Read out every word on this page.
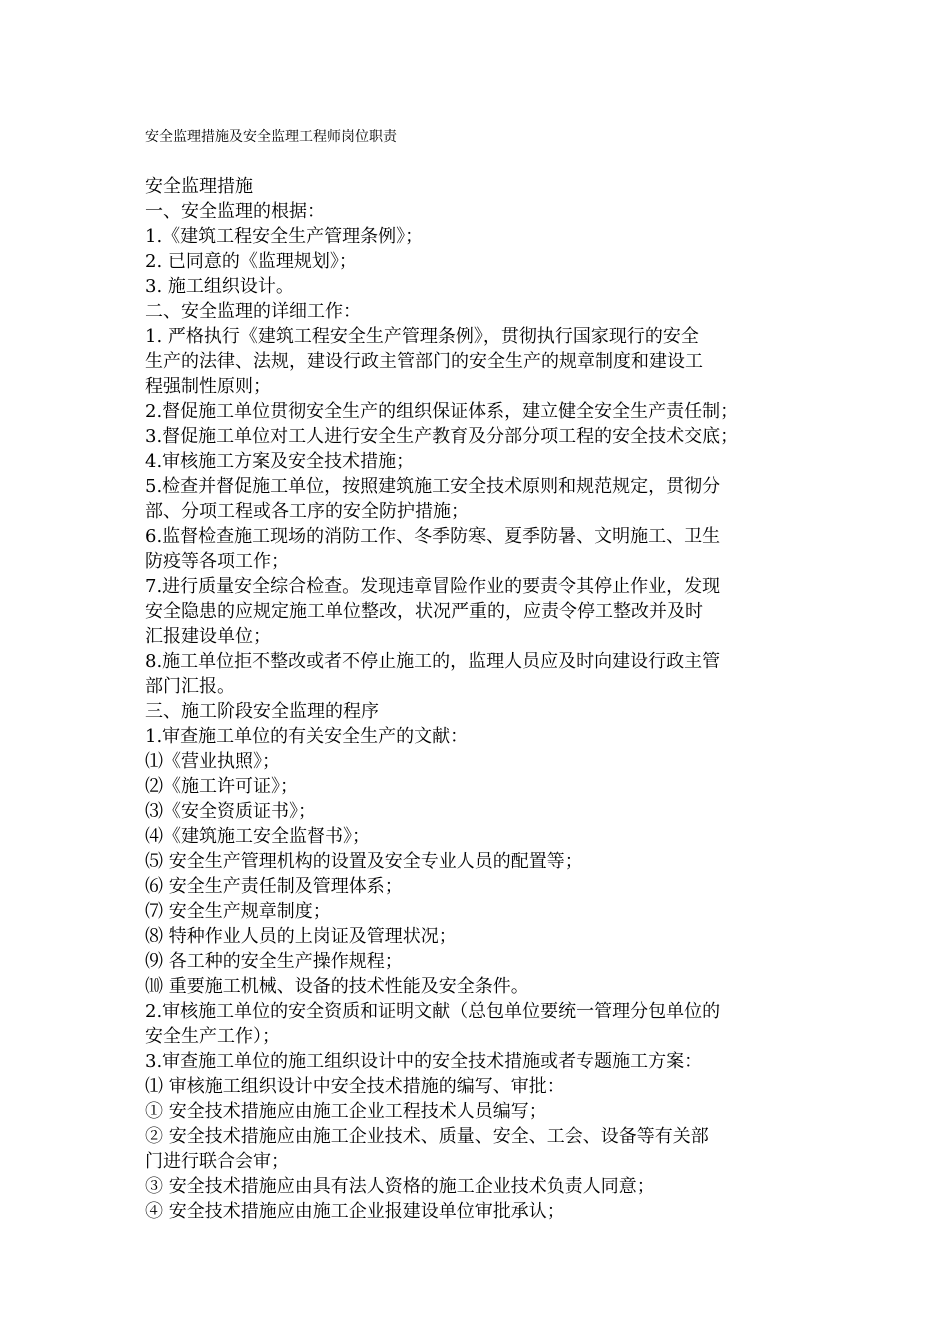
安全监理措施及安全监理工程师岗位职责
安全监理措施
一、安全监理的根据：
1.《建筑工程安全生产管理条例》；
2. 已同意的《监理规划》；
3. 施工组织设计。
二、安全监理的详细工作：
1. 严格执行《建筑工程安全生产管理条例》，贯彻执行国家现行的安全
生产的法律、法规，建设行政主管部门的安全生产的规章制度和建设工
程强制性原则；
2.督促施工单位贯彻安全生产的组织保证体系，建立健全安全生产责任制；
3.督促施工单位对工人进行安全生产教育及分部分项工程的安全技术交底；
4.审核施工方案及安全技术措施；
5.检查并督促施工单位，按照建筑施工安全技术原则和规范规定，贯彻分
部、分项工程或各工序的安全防护措施；
6.监督检查施工现场的消防工作、冬季防寒、夏季防暑、文明施工、卫生
防疫等各项工作；
7.进行质量安全综合检查。发现违章冒险作业的要责令其停止作业，发现
安全隐患的应规定施工单位整改，状况严重的，应责令停工整改并及时
汇报建设单位；
8.施工单位拒不整改或者不停止施工的，监理人员应及时向建设行政主管
部门汇报。
三、施工阶段安全监理的程序
1.审查施工单位的有关安全生产的文献：
⑴《营业执照》；
⑵《施工许可证》；
⑶《安全资质证书》；
⑷《建筑施工安全监督书》；
⑸ 安全生产管理机构的设置及安全专业人员的配置等；
⑹ 安全生产责任制及管理体系；
⑺ 安全生产规章制度；
⑻ 特种作业人员的上岗证及管理状况；
⑼ 各工种的安全生产操作规程；
⑽ 重要施工机械、设备的技术性能及安全条件。
2.审核施工单位的安全资质和证明文献（总包单位要统一管理分包单位的
安全生产工作）；
3.审查施工单位的施工组织设计中的安全技术措施或者专题施工方案：
⑴ 审核施工组织设计中安全技术措施的编写、审批：
① 安全技术措施应由施工企业工程技术人员编写；
② 安全技术措施应由施工企业技术、质量、安全、工会、设备等有关部
门进行联合会审；
③ 安全技术措施应由具有法人资格的施工企业技术负责人同意；
④ 安全技术措施应由施工企业报建设单位审批承认；
